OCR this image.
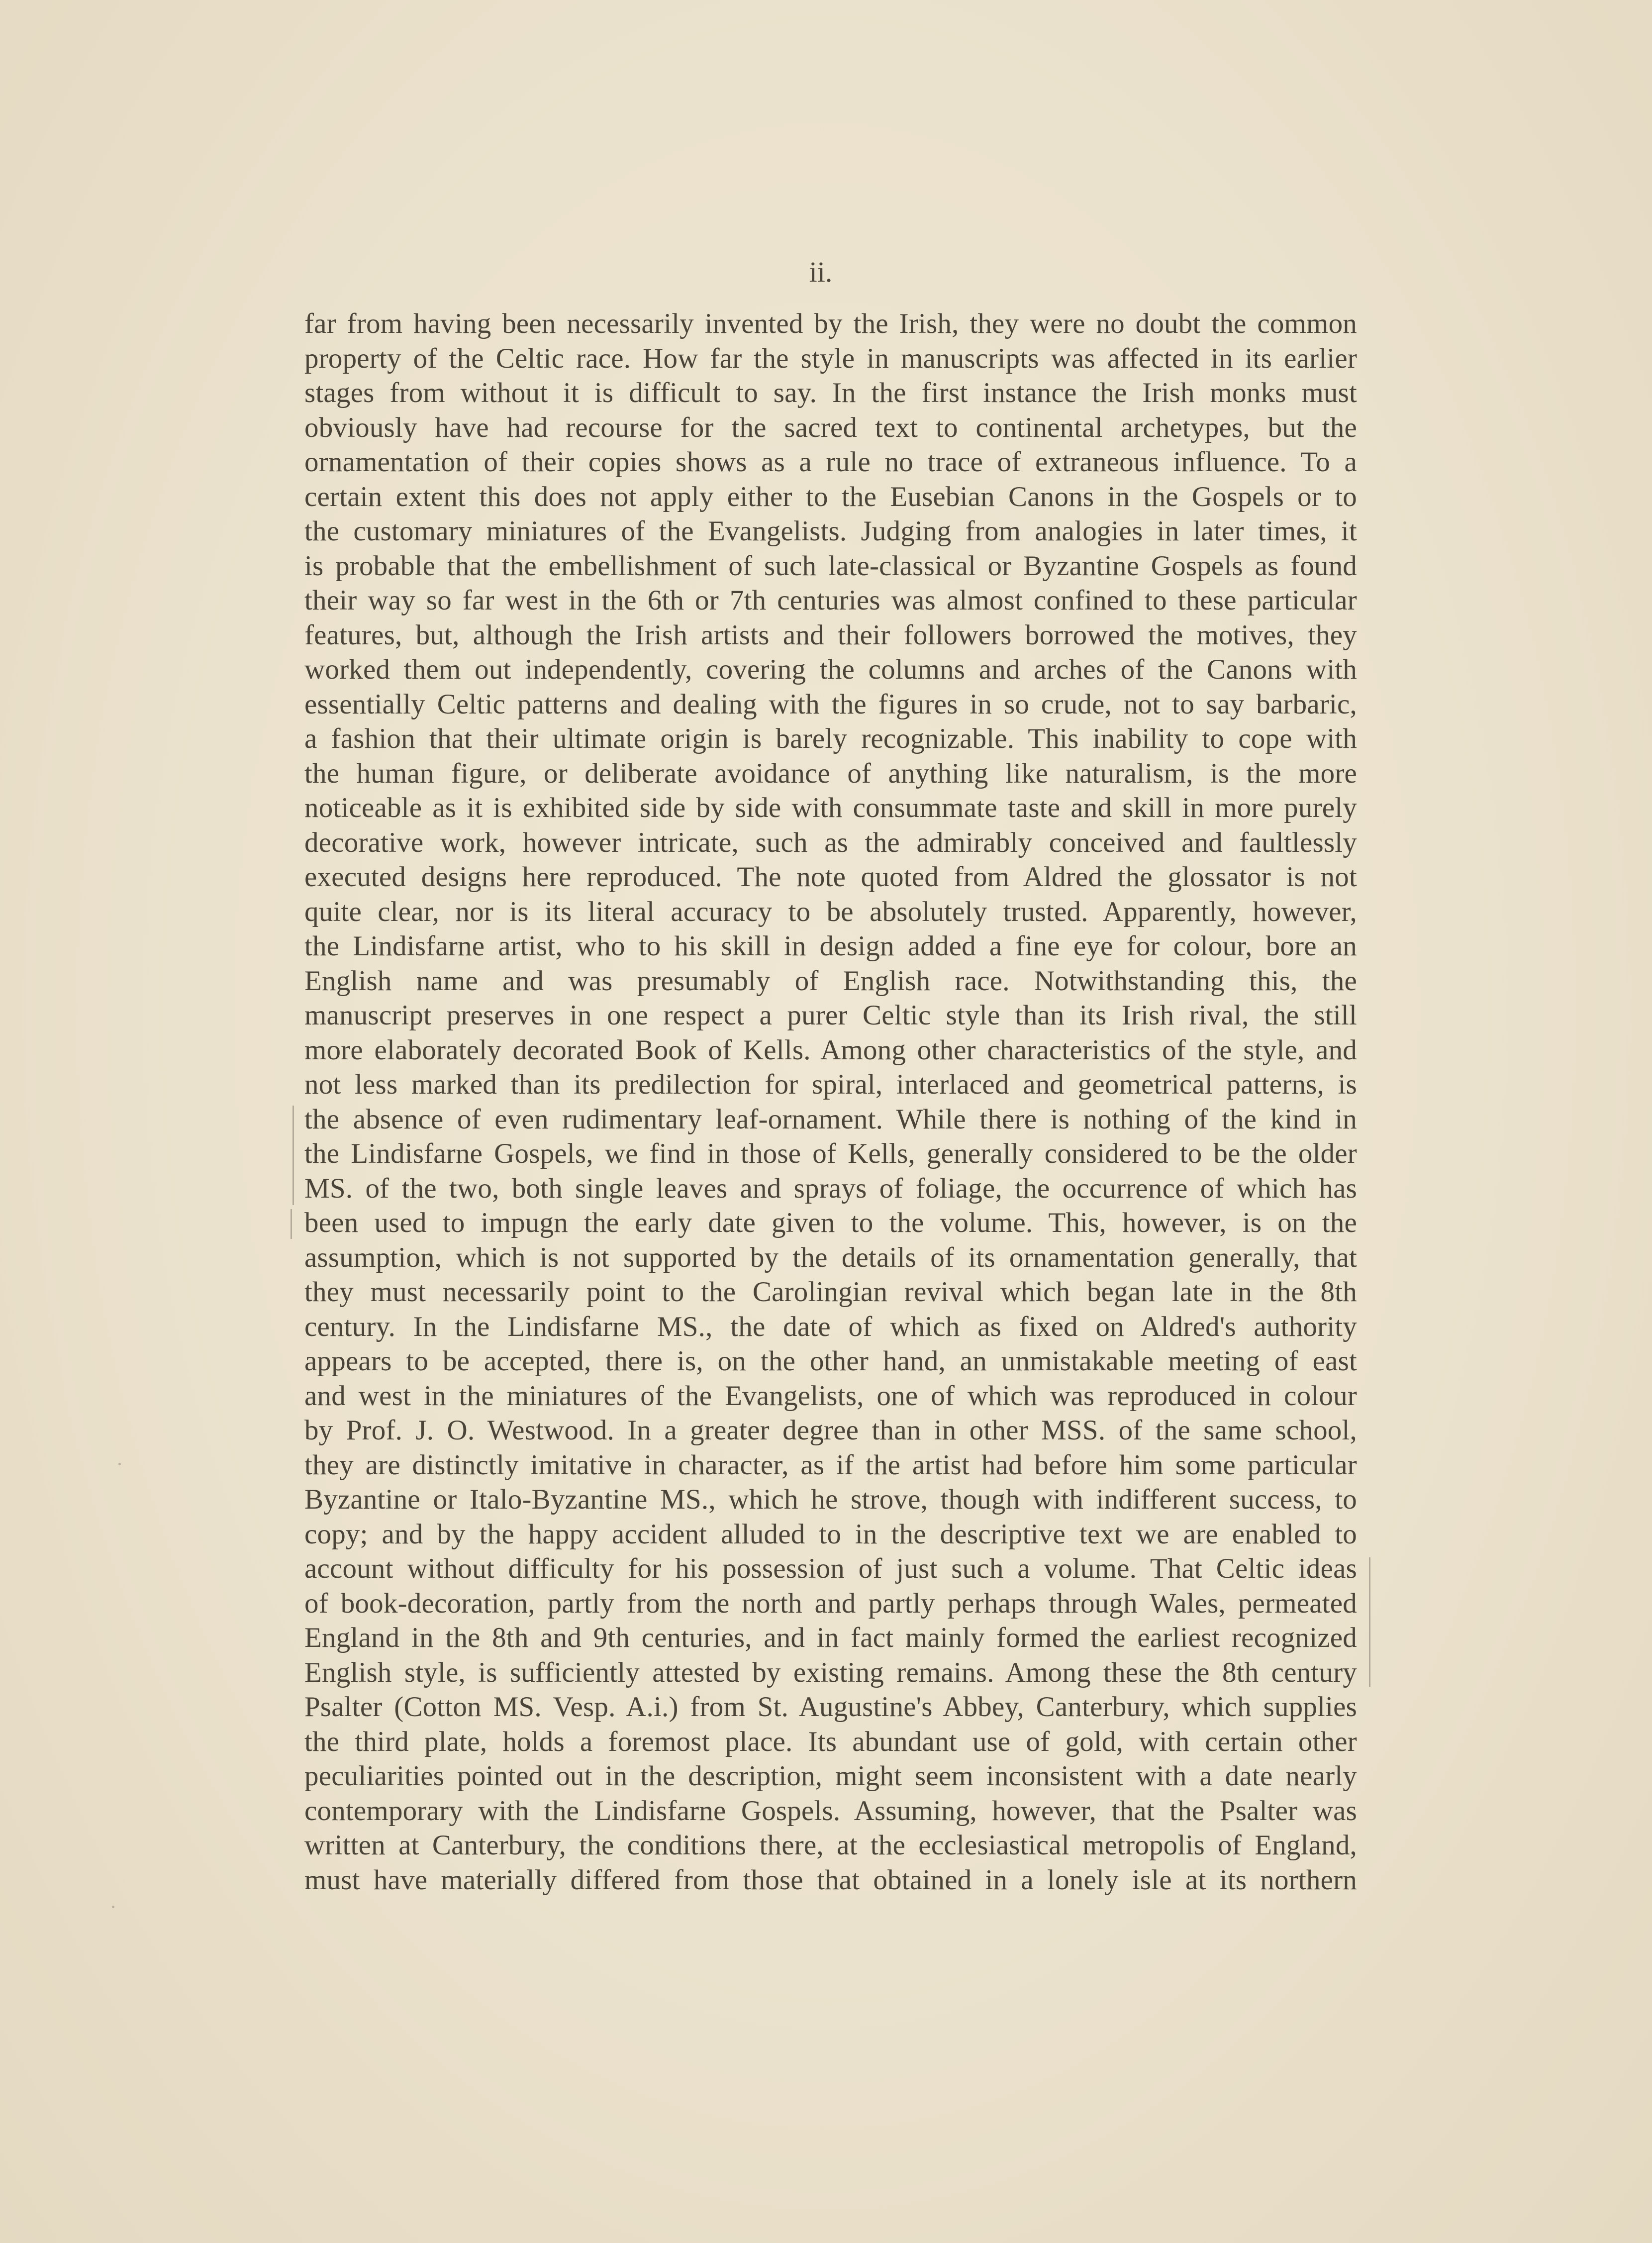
ii.
far from having been necessarily invented by the Irish, they were no doubt the common
property of the Celtic race. How far the style in manuscripts was affected in its earlier
stages from without it is difficult to say. In the first instance the Irish monks must
obviously have had recourse for the sacred text to continental archetypes, but the
ornamentation of their copies shows as a rule no trace of extraneous influence. To a
certain extent this does not apply either to the Eusebian Canons in the Gospels or to
the customary miniatures of the Evangelists. Judging from analogies in later times, it
is probable that the embellishment of such late-classical or Byzantine Gospels as found
their way so far west in the 6th or 7th centuries was almost confined to these particular
features, but, although the Irish artists and their followers borrowed the motives, they
worked them out independently, covering the columns and arches of the Canons with
essentially Celtic patterns and dealing with the figures in so crude, not to say barbaric,
a fashion that their ultimate origin is barely recognizable. This inability to cope with
the human figure, or deliberate avoidance of anything like naturalism, is the more
noticeable as it is exhibited side by side with consummate taste and skill in more purely
decorative work, however intricate, such as the admirably conceived and faultlessly
executed designs here reproduced. The note quoted from Aldred the glossator is not
quite clear, nor is its literal accuracy to be absolutely trusted. Apparently, however,
the Lindisfarne artist, who to his skill in design added a fine eye for colour, bore an
English name and was presumably of English race. Notwithstanding this, the
manuscript preserves in one respect a purer Celtic style than its Irish rival, the still
more elaborately decorated Book of Kells. Among other characteristics of the style, and
not less marked than its predilection for spiral, interlaced and geometrical patterns, is
the absence of even rudimentary leaf-ornament. While there is nothing of the kind in
the Lindisfarne Gospels, we find in those of Kells, generally considered to be the older
MS. of the two, both single leaves and sprays of foliage, the occurrence of which has
been used to impugn the early date given to the volume. This, however, is on the
assumption, which is not supported by the details of its ornamentation generally, that
they must necessarily point to the Carolingian revival which began late in the 8th
century. In the Lindisfarne MS., the date of which as fixed on Aldred's authority
appears to be accepted, there is, on the other hand, an unmistakable meeting of east
and west in the miniatures of the Evangelists, one of which was reproduced in colour
by Prof. J. O. Westwood. In a greater degree than in other MSS. of the same school,
they are distinctly imitative in character, as if the artist had before him some particular
Byzantine or Italo-Byzantine MS., which he strove, though with indifferent success, to
copy; and by the happy accident alluded to in the descriptive text we are enabled to
account without difficulty for his possession of just such a volume. That Celtic ideas
of book-decoration, partly from the north and partly perhaps through Wales, permeated
England in the 8th and 9th centuries, and in fact mainly formed the earliest recognized
English style, is sufficiently attested by existing remains. Among these the 8th century
Psalter (Cotton MS. Vesp. A.i.) from St. Augustine's Abbey, Canterbury, which supplies
the third plate, holds a foremost place. Its abundant use of gold, with certain other
peculiarities pointed out in the description, might seem inconsistent with a date nearly
contemporary with the Lindisfarne Gospels. Assuming, however, that the Psalter was
written at Canterbury, the conditions there, at the ecclesiastical metropolis of England,
must have materially differed from those that obtained in a lonely isle at its northern
